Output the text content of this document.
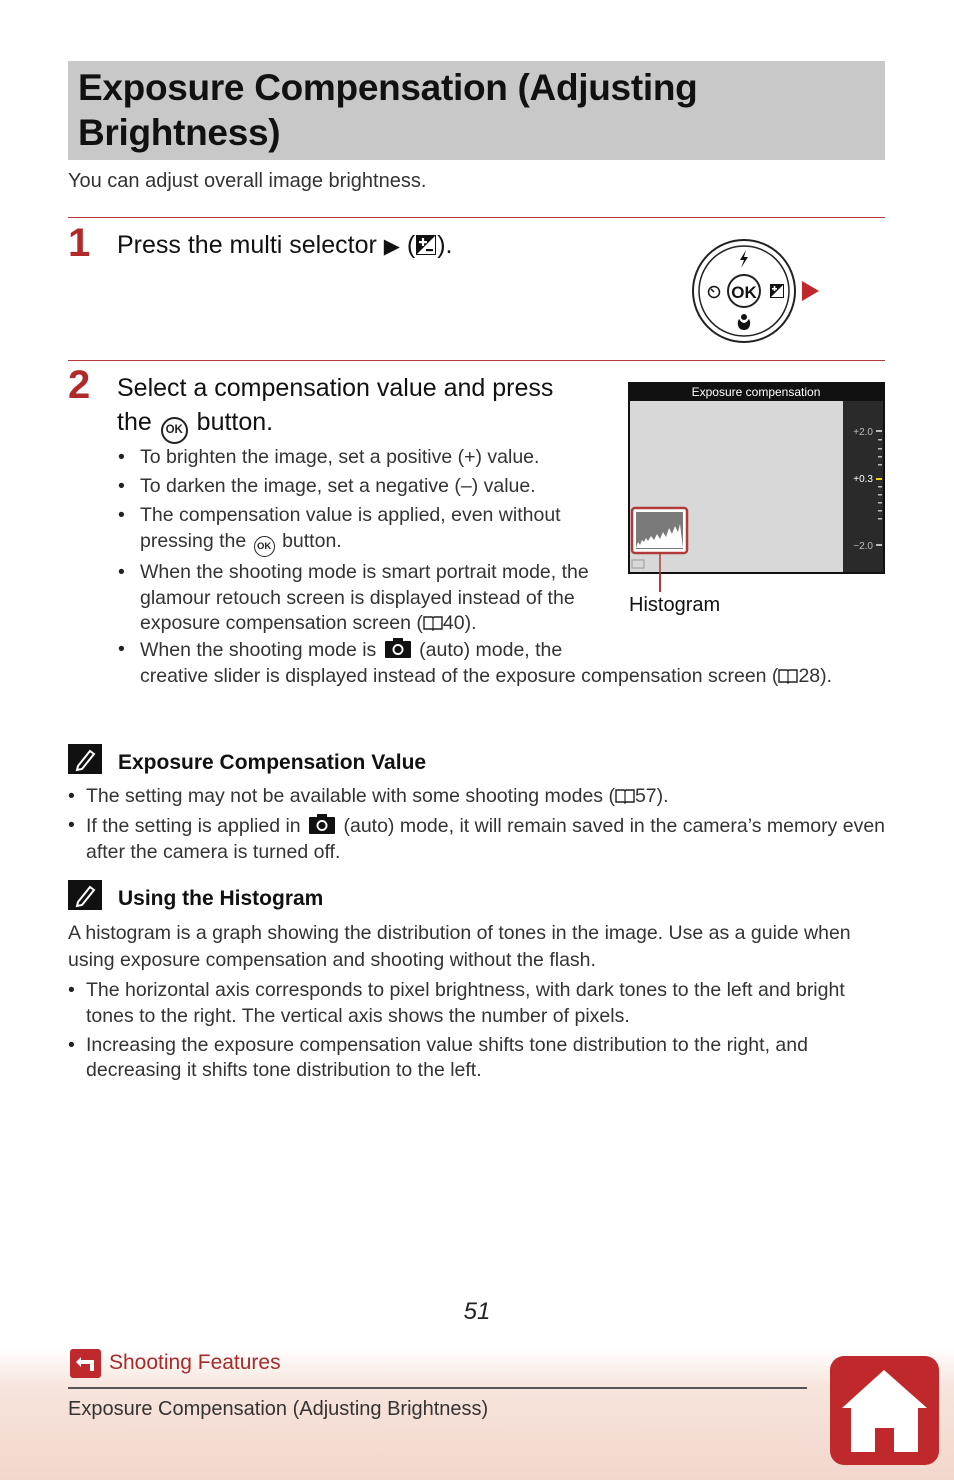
Exposure Compensation (Adjusting Brightness)
You can adjust overall image brightness.
1 Press the multi selector ▶ ( ).
OK
2 Select a compensation value and press
the OK button.
• To brighten the image, set a positive (+) value.
• To darken the image, set a negative (–) value.
• The compensation value is applied, even without pressing the OK button.
• When the shooting mode is smart portrait mode, the glamour retouch screen is displayed instead of the exposure compensation screen ( 40).
• When the shooting mode is (auto) mode, the
creative slider is displayed instead of the exposure compensation screen ( 28).
Exposure compensation
+2.0
+0.3
−2.0
Histogram
Exposure Compensation Value
• The setting may not be available with some shooting modes ( 57).
• If the setting is applied in (auto) mode, it will remain saved in the camera’s memory even after the camera is turned off.
Using the Histogram
A histogram is a graph showing the distribution of tones in the image. Use as a guide when using exposure compensation and shooting without the flash.
• The horizontal axis corresponds to pixel brightness, with dark tones to the left and bright tones to the right. The vertical axis shows the number of pixels.
• Increasing the exposure compensation value shifts tone distribution to the right, and decreasing it shifts tone distribution to the left.
51
Shooting Features
Exposure Compensation (Adjusting Brightness)
